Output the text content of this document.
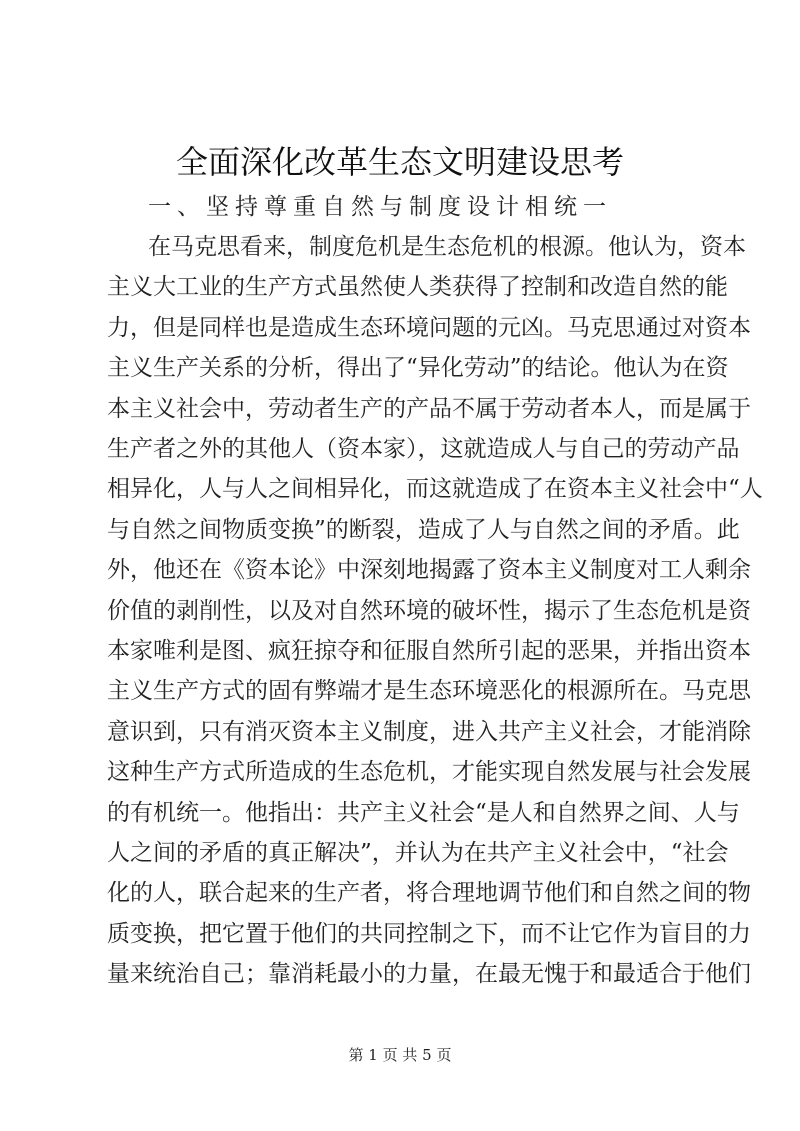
全面深化改革生态文明建设思考
一、坚持尊重自然与制度设计相统一
在马克思看来，制度危机是生态危机的根源。他认为，资本
主义大工业的生产方式虽然使人类获得了控制和改造自然的能
力，但是同样也是造成生态环境问题的元凶。马克思通过对资本
主义生产关系的分析，得出了“异化劳动”的结论。他认为在资
本主义社会中，劳动者生产的产品不属于劳动者本人，而是属于
生产者之外的其他人（资本家），这就造成人与自己的劳动产品
相异化，人与人之间相异化，而这就造成了在资本主义社会中“人
与自然之间物质变换”的断裂，造成了人与自然之间的矛盾。此
外，他还在《资本论》中深刻地揭露了资本主义制度对工人剩余
价值的剥削性，以及对自然环境的破坏性，揭示了生态危机是资
本家唯利是图、疯狂掠夺和征服自然所引起的恶果，并指出资本
主义生产方式的固有弊端才是生态环境恶化的根源所在。马克思
意识到，只有消灭资本主义制度，进入共产主义社会，才能消除
这种生产方式所造成的生态危机，才能实现自然发展与社会发展
的有机统一。他指出：共产主义社会“是人和自然界之间、人与
人之间的矛盾的真正解决”，并认为在共产主义社会中，“社会
化的人，联合起来的生产者，将合理地调节他们和自然之间的物
质变换，把它置于他们的共同控制之下，而不让它作为盲目的力
量来统治自己；靠消耗最小的力量，在最无愧于和最适合于他们
第 1 页 共 5 页
